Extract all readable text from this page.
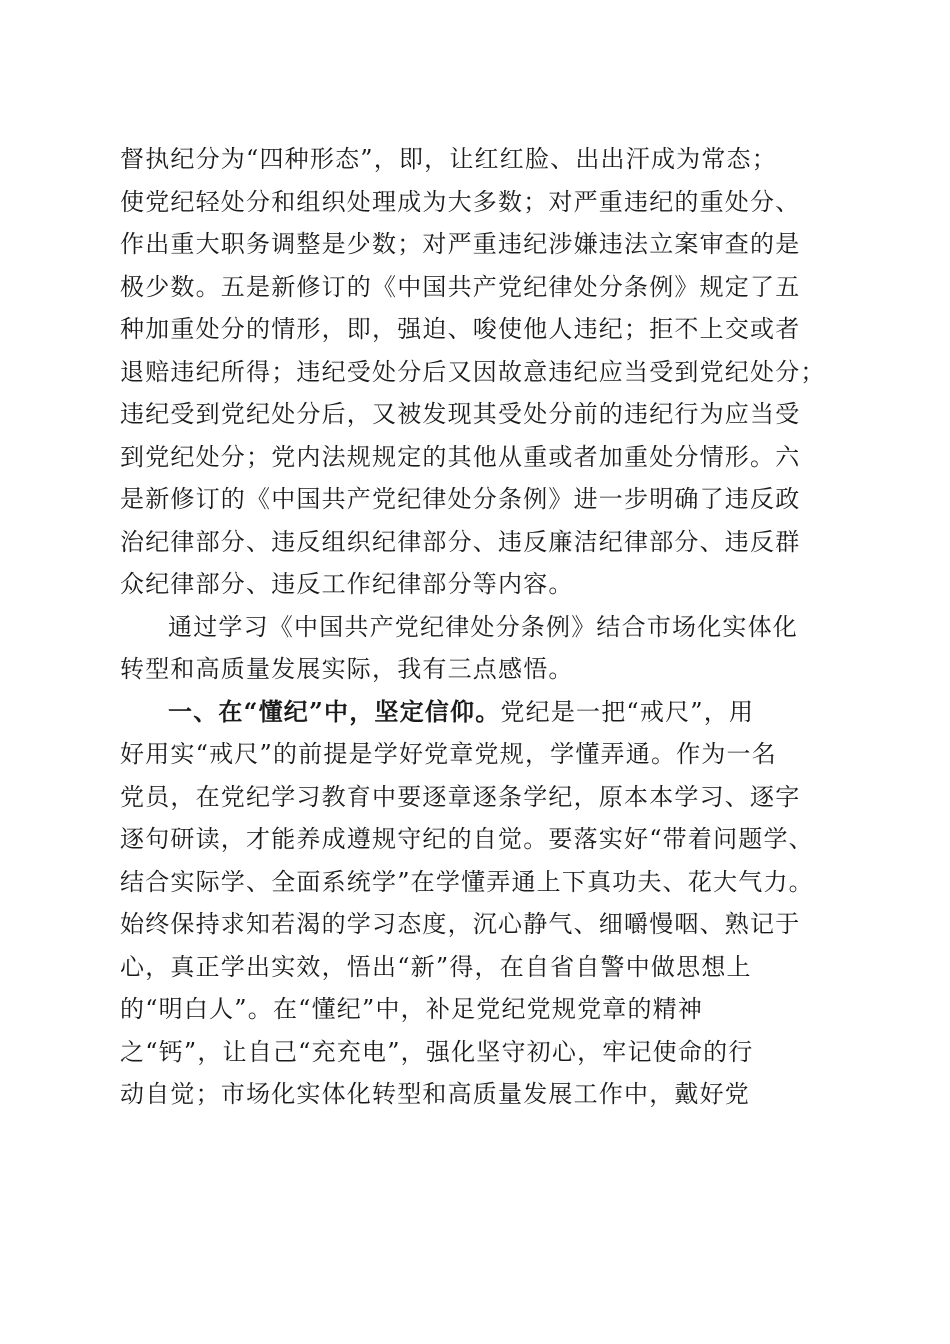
督执纪分为“四种形态”，即，让红红脸、出出汗成为常态；
使党纪轻处分和组织处理成为大多数；对严重违纪的重处分、
作出重大职务调整是少数；对严重违纪涉嫌违法立案审查的是
极少数。五是新修订的《中国共产党纪律处分条例》规定了五
种加重处分的情形，即，强迫、唆使他人违纪；拒不上交或者
退赔违纪所得；违纪受处分后又因故意违纪应当受到党纪处分；
违纪受到党纪处分后，又被发现其受处分前的违纪行为应当受
到党纪处分；党内法规规定的其他从重或者加重处分情形。六
是新修订的《中国共产党纪律处分条例》进一步明确了违反政
治纪律部分、违反组织纪律部分、违反廉洁纪律部分、违反群
众纪律部分、违反工作纪律部分等内容。
通过学习《中国共产党纪律处分条例》结合市场化实体化
转型和高质量发展实际，我有三点感悟。
一、在“懂纪”中，坚定信仰。党纪是一把“戒尺”，用
好用实“戒尺”的前提是学好党章党规，学懂弄通。作为一名
党员，在党纪学习教育中要逐章逐条学纪，原本本学习、逐字
逐句研读，才能养成遵规守纪的自觉。要落实好“带着问题学、
结合实际学、全面系统学”在学懂弄通上下真功夫、花大气力。
始终保持求知若渴的学习态度，沉心静气、细嚼慢咽、熟记于
心，真正学出实效，悟出“新”得，在自省自警中做思想上
的“明白人”。在“懂纪”中，补足党纪党规党章的精神
之“钙”，让自己“充充电”，强化坚守初心，牢记使命的行
动自觉；市场化实体化转型和高质量发展工作中，戴好党
